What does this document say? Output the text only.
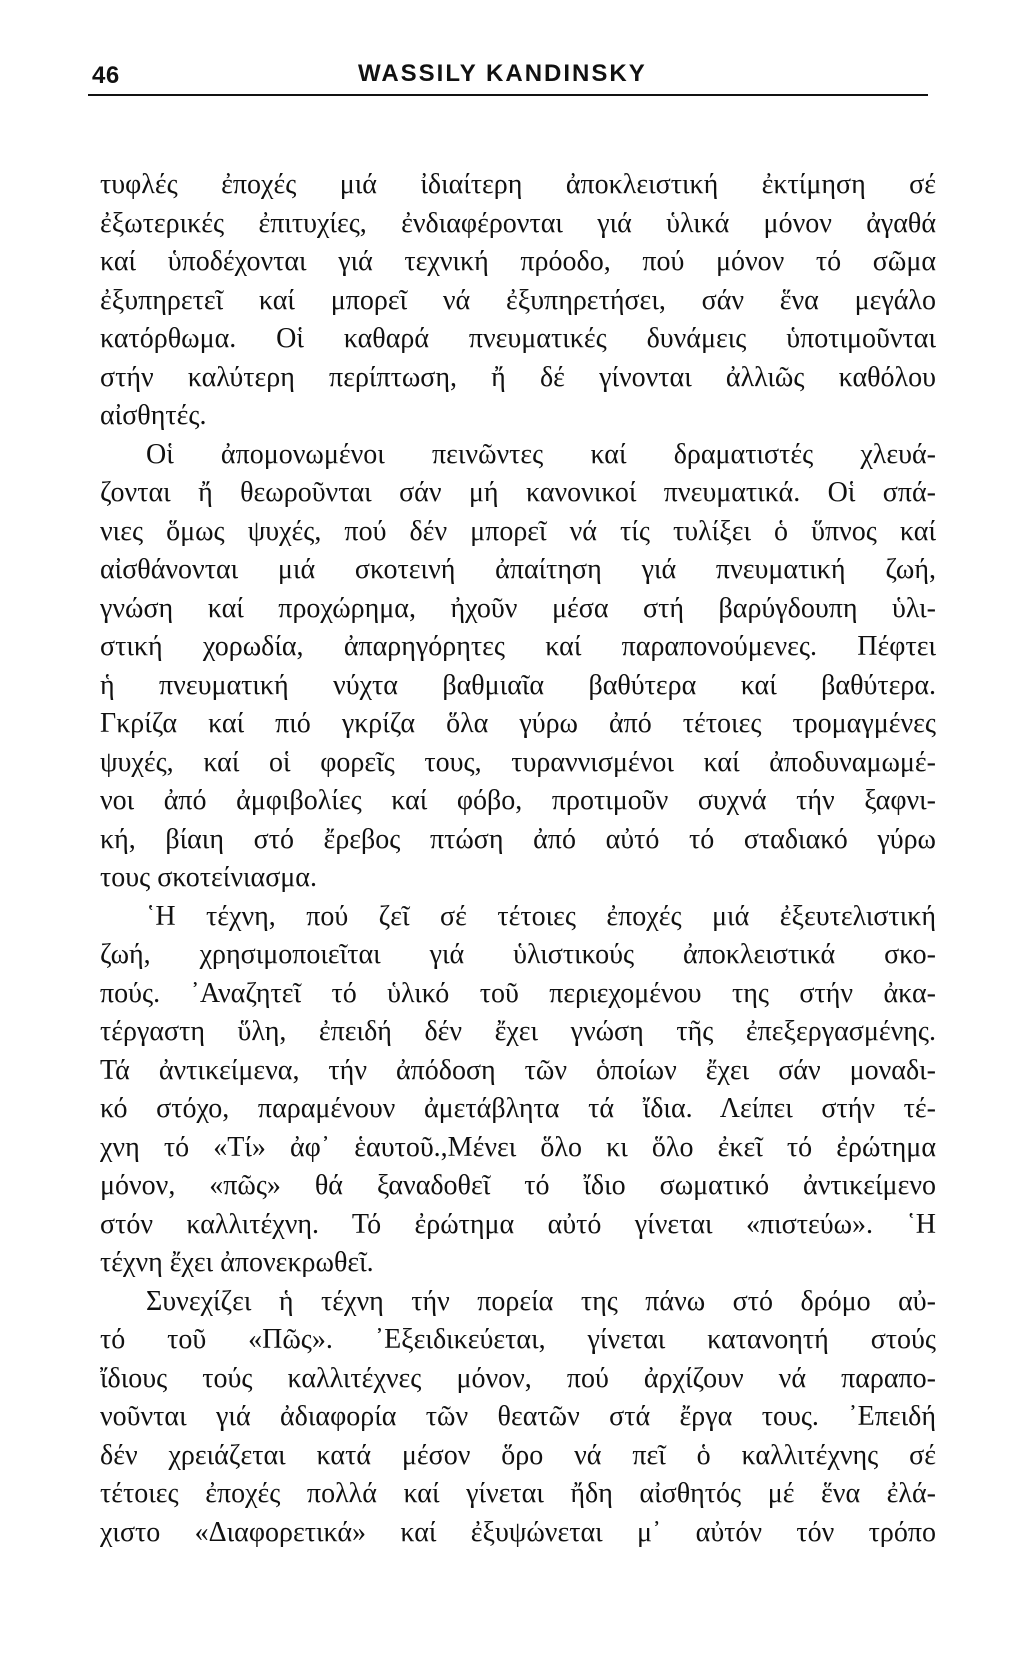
46	WASSILY KANDINSKY
τυφλές ἐποχές μιά ἰδιαίτερη ἀποκλειστική ἐκτίμηση σέ
ἐξωτερικές ἐπιτυχίες, ἐνδιαφέρονται γιά ὑλικά μόνον ἀγαθά
καί ὑποδέχονται γιά τεχνική πρόοδο, πού μόνον τό σῶμα
ἐξυπηρετεῖ καί μπορεῖ νά ἐξυπηρετήσει, σάν ἕνα μεγάλο
κατόρθωμα. Οἱ καθαρά πνευματικές δυνάμεις ὑποτιμοῦνται
στήν καλύτερη περίπτωση, ἤ δέ γίνονται ἀλλιῶς καθόλου
αἰσθητές.
Οἱ ἀπομονωμένοι πεινῶντες καί δραματιστές χλευά-
ζονται ἤ θεωροῦνται σάν μή κανονικοί πνευματικά. Οἱ σπά-
νιες ὅμως ψυχές, πού δέν μπορεῖ νά τίς τυλίξει ὁ ὕπνος καί
αἰσθάνονται μιά σκοτεινή ἀπαίτηση γιά πνευματική ζωή,
γνώση καί προχώρημα, ἠχοῦν μέσα στή βαρύγδουπη ὑλι-
στική χορωδία, ἀπαρηγόρητες καί παραπονούμενες. Πέφτει
ἡ πνευματική νύχτα βαθμιαῖα βαθύτερα καί βαθύτερα.
Γκρίζα καί πιό γκρίζα ὅλα γύρω ἀπό τέτοιες τρομαγμένες
ψυχές, καί οἱ φορεῖς τους, τυραννισμένοι καί ἀποδυναμωμέ-
νοι ἀπό ἀμφιβολίες καί φόβο, προτιμοῦν συχνά τήν ξαφνι-
κή, βίαιη στό ἔρεβος πτώση ἀπό αὐτό τό σταδιακό γύρω
τους σκοτείνιασμα.
῾Η τέχνη, πού ζεῖ σέ τέτοιες ἐποχές μιά ἐξευτελιστική
ζωή, χρησιμοποιεῖται γιά ὑλιστικούς ἀποκλειστικά σκο-
πούς. ᾽Αναζητεῖ τό ὑλικό τοῦ περιεχομένου της στήν ἀκα-
τέργαστη ὕλη, ἐπειδή δέν ἔχει γνώση τῆς ἐπεξεργασμένης.
Τά ἀντικείμενα, τήν ἀπόδοση τῶν ὁποίων ἔχει σάν μοναδι-
κό στόχο, παραμένουν ἀμετάβλητα τά ἴδια. Λείπει στήν τέ-
χνη τό «Τί» ἀφ᾽ ἑαυτοῦ.,Μένει ὅλο κι ὅλο ἐκεῖ τό ἐρώτημα
μόνον, «πῶς» θά ξαναδοθεῖ τό ἴδιο σωματικό ἀντικείμενο
στόν καλλιτέχνη. Τό ἐρώτημα αὐτό γίνεται «πιστεύω». ῾Η
τέχνη ἔχει ἀπονεκρωθεῖ.
Συνεχίζει ἡ τέχνη τήν πορεία της πάνω στό δρόμο αὐ-
τό τοῦ «Πῶς». ᾽Εξειδικεύεται, γίνεται κατανοητή στούς
ἴδιους τούς καλλιτέχνες μόνον, πού ἀρχίζουν νά παραπο-
νοῦνται γιά ἀδιαφορία τῶν θεατῶν στά ἔργα τους. ᾽Επειδή
δέν χρειάζεται κατά μέσον ὅρο νά πεῖ ὁ καλλιτέχνης σέ
τέτοιες ἐποχές πολλά καί γίνεται ἤδη αἰσθητός μέ ἕνα ἐλά-
χιστο «Διαφορετικά» καί ἐξυψώνεται μ᾽ αὐτόν τόν τρόπο
